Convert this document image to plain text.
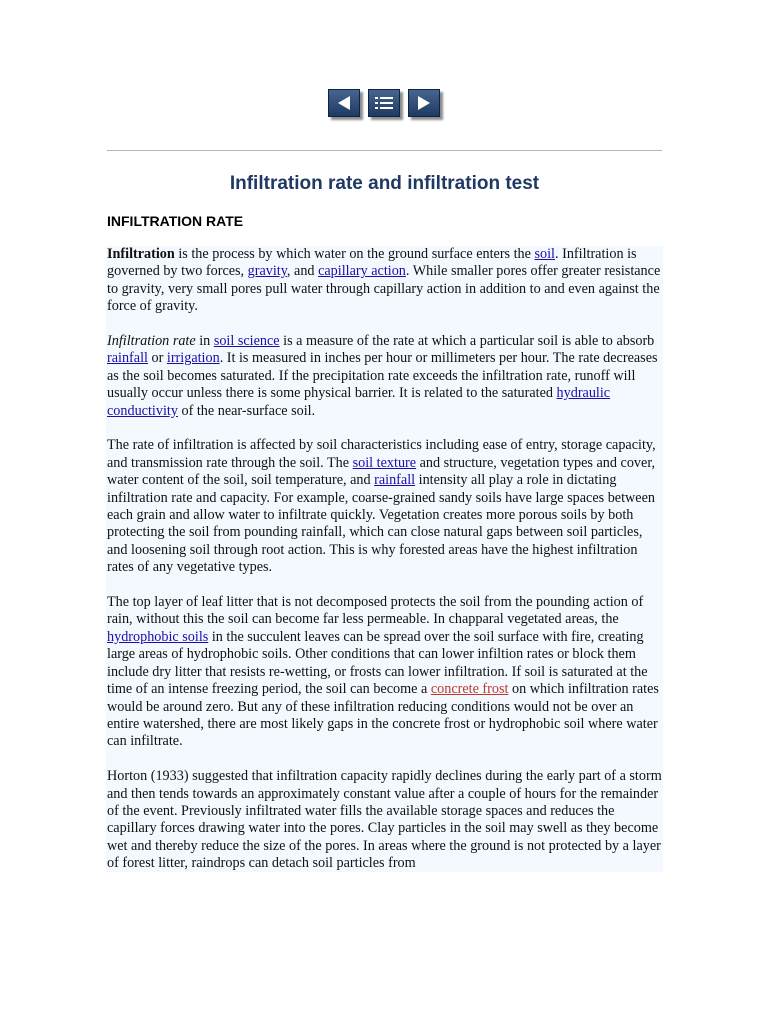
Infiltration rate and infiltration test
INFILTRATION RATE

Infiltration is the process by which water on the ground surface enters the soil. Infiltration is governed by two forces, gravity, and capillary action. While smaller pores offer greater resistance to gravity, very small pores pull water through capillary action in addition to and even against the force of gravity.

Infiltration rate in soil science is a measure of the rate at which a particular soil is able to absorb rainfall or irrigation. It is measured in inches per hour or millimeters per hour. The rate decreases as the soil becomes saturated. If the precipitation rate exceeds the infiltration rate, runoff will usually occur unless there is some physical barrier. It is related to the saturated hydraulic conductivity of the near-surface soil.

The rate of infiltration is affected by soil characteristics including ease of entry, storage capacity, and transmission rate through the soil. The soil texture and structure, vegetation types and cover, water content of the soil, soil temperature, and rainfall intensity all play a role in dictating infiltration rate and capacity. For example, coarse-grained sandy soils have large spaces between each grain and allow water to infiltrate quickly. Vegetation creates more porous soils by both protecting the soil from pounding rainfall, which can close natural gaps between soil particles, and loosening soil through root action. This is why forested areas have the highest infiltration rates of any vegetative types.

The top layer of leaf litter that is not decomposed protects the soil from the pounding action of rain, without this the soil can become far less permeable. In chapparal vegetated areas, the hydrophobic soils in the succulent leaves can be spread over the soil surface with fire, creating large areas of hydrophobic soils. Other conditions that can lower infiltion rates or block them include dry litter that resists re-wetting, or frosts can lower infiltration. If soil is saturated at the time of an intense freezing period, the soil can become a concrete frost on which infiltration rates would be around zero. But any of these infiltration reducing conditions would not be over an entire watershed, there are most likely gaps in the concrete frost or hydrophobic soil where water can infiltrate.

Horton (1933) suggested that infiltration capacity rapidly declines during the early part of a storm and then tends towards an approximately constant value after a couple of hours for the remainder of the event. Previously infiltrated water fills the available storage spaces and reduces the capillary forces drawing water into the pores. Clay particles in the soil may swell as they become wet and thereby reduce the size of the pores. In areas where the ground is not protected by a layer of forest litter, raindrops can detach soil particles from
